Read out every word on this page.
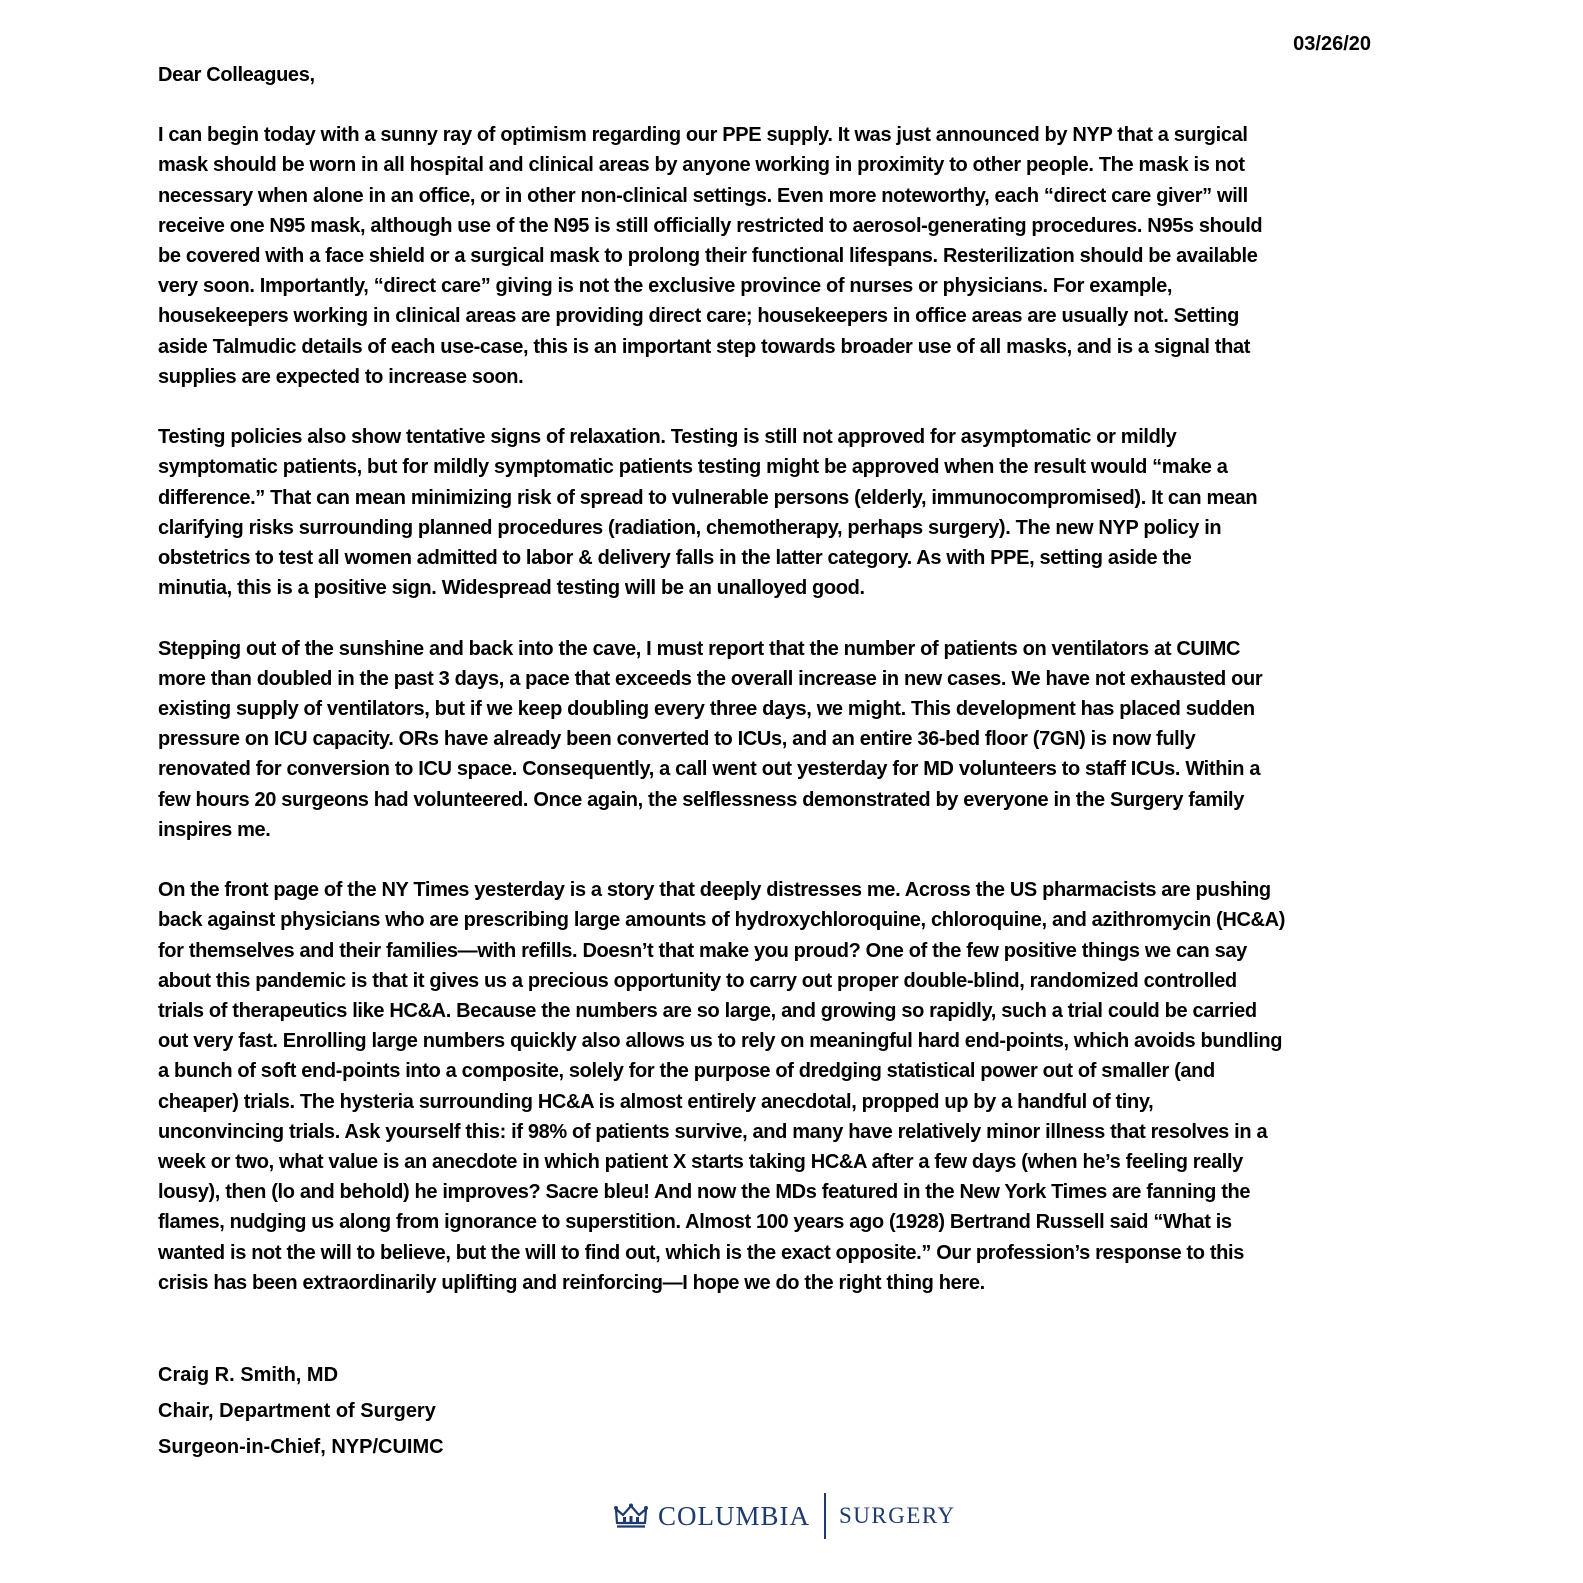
03/26/20
Dear Colleagues,
I can begin today with a sunny ray of optimism regarding our PPE supply. It was just announced by NYP that a surgical
mask should be worn in all hospital and clinical areas by anyone working in proximity to other people. The mask is not
necessary when alone in an office, or in other non-clinical settings. Even more noteworthy, each “direct care giver” will
receive one N95 mask, although use of the N95 is still officially restricted to aerosol-generating procedures. N95s should
be covered with a face shield or a surgical mask to prolong their functional lifespans. Resterilization should be available
very soon. Importantly, “direct care” giving is not the exclusive province of nurses or physicians. For example,
housekeepers working in clinical areas are providing direct care; housekeepers in office areas are usually not. Setting
aside Talmudic details of each use-case, this is an important step towards broader use of all masks, and is a signal that
supplies are expected to increase soon.
Testing policies also show tentative signs of relaxation. Testing is still not approved for asymptomatic or mildly
symptomatic patients, but for mildly symptomatic patients testing might be approved when the result would “make a
difference.” That can mean minimizing risk of spread to vulnerable persons (elderly, immunocompromised). It can mean
clarifying risks surrounding planned procedures (radiation, chemotherapy, perhaps surgery). The new NYP policy in
obstetrics to test all women admitted to labor & delivery falls in the latter category. As with PPE, setting aside the
minutia, this is a positive sign. Widespread testing will be an unalloyed good.
Stepping out of the sunshine and back into the cave, I must report that the number of patients on ventilators at CUIMC
more than doubled in the past 3 days, a pace that exceeds the overall increase in new cases. We have not exhausted our
existing supply of ventilators, but if we keep doubling every three days, we might. This development has placed sudden
pressure on ICU capacity. ORs have already been converted to ICUs, and an entire 36-bed floor (7GN) is now fully
renovated for conversion to ICU space. Consequently, a call went out yesterday for MD volunteers to staff ICUs. Within a
few hours 20 surgeons had volunteered. Once again, the selflessness demonstrated by everyone in the Surgery family
inspires me.
On the front page of the NY Times yesterday is a story that deeply distresses me. Across the US pharmacists are pushing
back against physicians who are prescribing large amounts of hydroxychloroquine, chloroquine, and azithromycin (HC&A)
for themselves and their families—with refills. Doesn’t that make you proud? One of the few positive things we can say
about this pandemic is that it gives us a precious opportunity to carry out proper double-blind, randomized controlled
trials of therapeutics like HC&A. Because the numbers are so large, and growing so rapidly, such a trial could be carried
out very fast. Enrolling large numbers quickly also allows us to rely on meaningful hard end-points, which avoids bundling
a bunch of soft end-points into a composite, solely for the purpose of dredging statistical power out of smaller (and
cheaper) trials. The hysteria surrounding HC&A is almost entirely anecdotal, propped up by a handful of tiny,
unconvincing trials. Ask yourself this: if 98% of patients survive, and many have relatively minor illness that resolves in a
week or two, what value is an anecdote in which patient X starts taking HC&A after a few days (when he’s feeling really
lousy), then (lo and behold) he improves? Sacre bleu! And now the MDs featured in the New York Times are fanning the
flames, nudging us along from ignorance to superstition. Almost 100 years ago (1928) Bertrand Russell said “What is
wanted is not the will to believe, but the will to find out, which is the exact opposite.” Our profession’s response to this
crisis has been extraordinarily uplifting and reinforcing—I hope we do the right thing here.
Craig R. Smith, MD
Chair, Department of Surgery
Surgeon-in-Chief, NYP/CUIMC
COLUMBIA SURGERY
